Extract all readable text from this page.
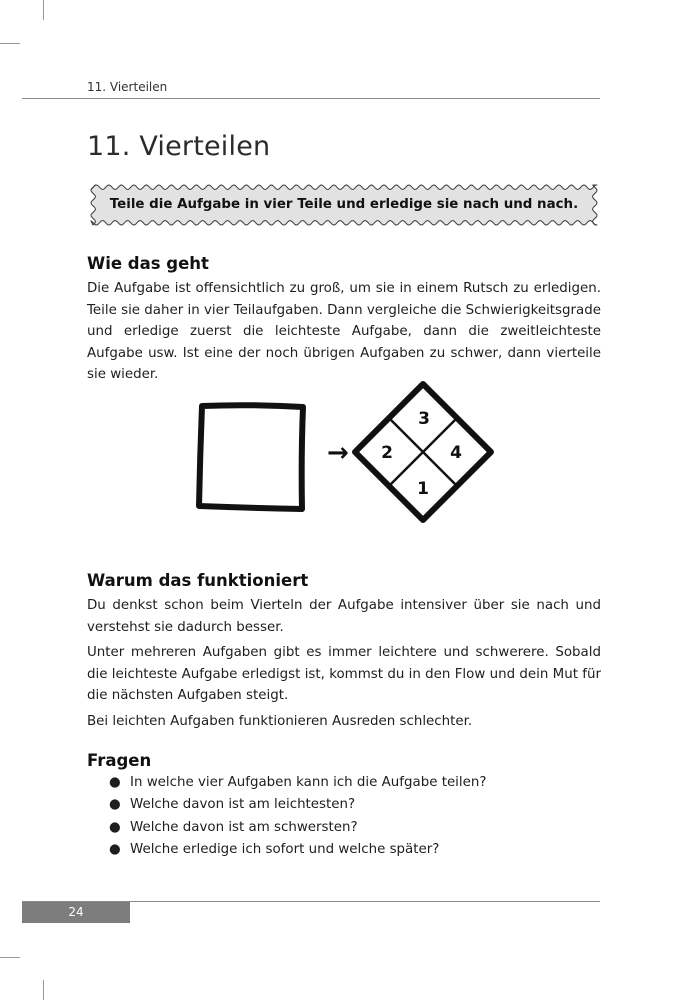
11. Vierteilen
11. Vierteilen
Teile die Aufgabe in vier Teile und erledige sie nach und nach.
Wie das geht

Die Aufgabe ist offensichtlich zu groß, um sie in einem Rutsch zu erledigen. Teile sie daher in vier Teilaufgaben. Dann vergleiche die Schwierigkeitsgrade und erledige zuerst die leichteste Aufgabe, dann die zweitleichteste Aufgabe usw. Ist eine der noch übrigen Aufgaben zu schwer, dann vierteile sie wieder.

→
1
2
3
4
Warum das funktioniert

Du denkst schon beim Vierteln der Aufgabe intensiver über sie nach und verstehst sie dadurch besser.

Unter mehreren Aufgaben gibt es immer leichtere und schwerere. Sobald die leichteste Aufgabe erledigst ist, kommst du in den Flow und dein Mut für die nächsten Aufgaben steigt.

Bei leichten Aufgaben funktionieren Ausreden schlechter.

Fragen
● In welche vier Aufgaben kann ich die Aufgabe teilen?
● Welche davon ist am leichtesten?
● Welche davon ist am schwersten?
● Welche erledige ich sofort und welche später?
24
